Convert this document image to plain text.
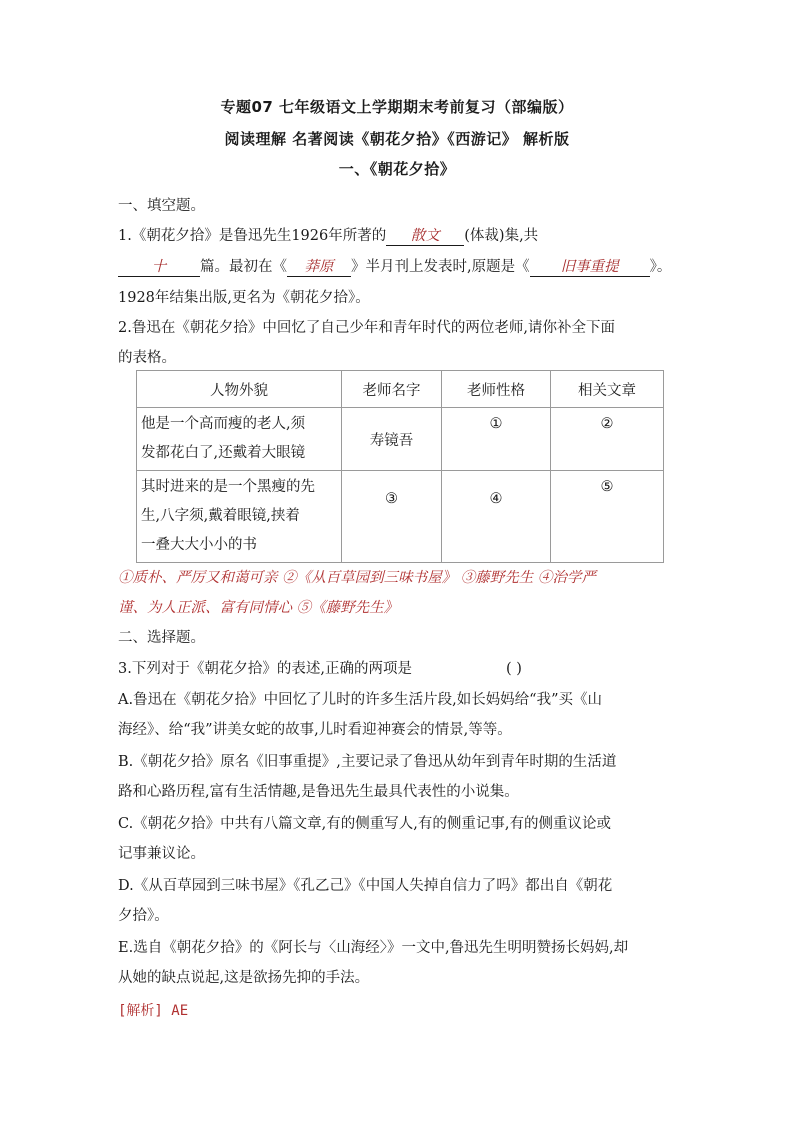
专题07 七年级语文上学期期末考前复习（部编版）
阅读理解 名著阅读《朝花夕拾》《西游记》 解析版
一、《朝花夕拾》
一、填空题。
1.《朝花夕拾》是鲁迅先生1926年所著的 散文 (体裁)集,共
十 篇。最初在《 莽原 》半月刊上发表时,原题是《 旧事重提 》。
1928年结集出版,更名为《朝花夕拾》。
2.鲁迅在《朝花夕拾》中回忆了自己少年和青年时代的两位老师,请你补全下面
的表格。
人物外貌	老师名字	老师性格	相关文章

他是一个高而瘦的老人,须
发都花白了,还戴着大眼镜	寿镜吾	①	②

其时进来的是一个黑瘦的先
生,八字须,戴着眼镜,挟着
一叠大大小小的书	③	④	⑤
①质朴、严厉又和蔼可亲 ②《从百草园到三味书屋》 ③藤野先生 ④治学严
谨、为人正派、富有同情心 ⑤《藤野先生》
二、选择题。
3.下列对于《朝花夕拾》的表述,正确的两项是	( )
A.鲁迅在《朝花夕拾》中回忆了儿时的许多生活片段,如长妈妈给“我”买《山
海经》、给“我”讲美女蛇的故事,儿时看迎神赛会的情景,等等。
B.《朝花夕拾》原名《旧事重提》,主要记录了鲁迅从幼年到青年时期的生活道
路和心路历程,富有生活情趣,是鲁迅先生最具代表性的小说集。
C.《朝花夕拾》中共有八篇文章,有的侧重写人,有的侧重记事,有的侧重议论或
记事兼议论。
D.《从百草园到三味书屋》《孔乙己》《中国人失掉自信力了吗》都出自《朝花
夕拾》。
E.选自《朝花夕拾》的《阿长与〈山海经〉》一文中,鲁迅先生明明赞扬长妈妈,却
从她的缺点说起,这是欲扬先抑的手法。
[解析] AE
